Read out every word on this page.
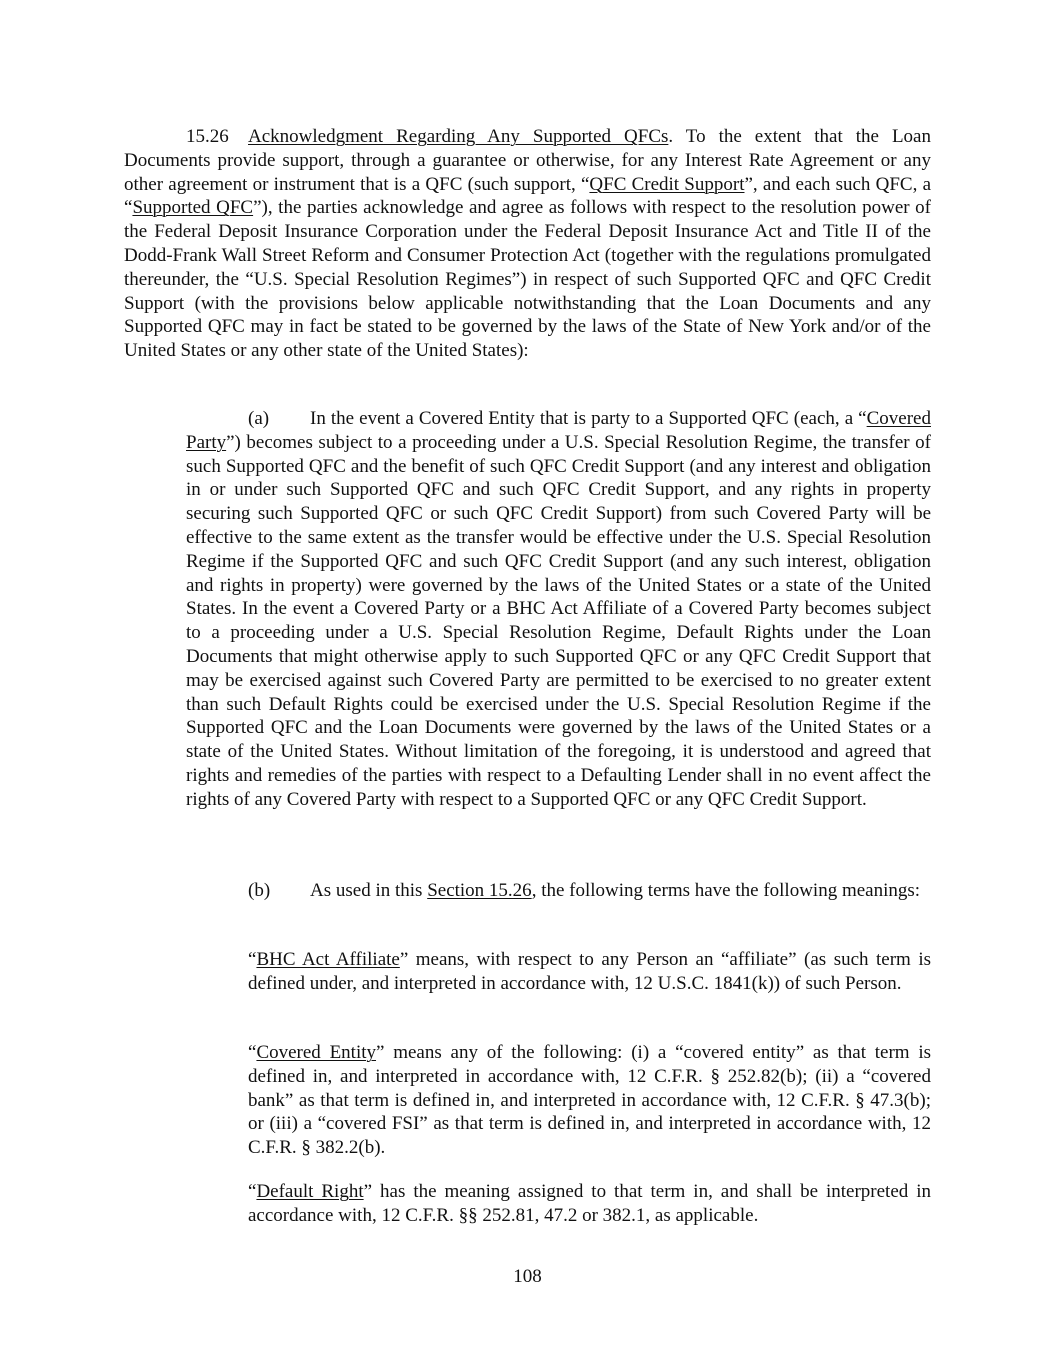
15.26 Acknowledgment Regarding Any Supported QFCs. To the extent that the Loan Documents provide support, through a guarantee or otherwise, for any Interest Rate Agreement or any other agreement or instrument that is a QFC (such support, “QFC Credit Support”, and each such QFC, a “Supported QFC”), the parties acknowledge and agree as follows with respect to the resolution power of the Federal Deposit Insurance Corporation under the Federal Deposit Insurance Act and Title II of the Dodd-Frank Wall Street Reform and Consumer Protection Act (together with the regulations promulgated thereunder, the “U.S. Special Resolution Regimes”) in respect of such Supported QFC and QFC Credit Support (with the provisions below applicable notwithstanding that the Loan Documents and any Supported QFC may in fact be stated to be governed by the laws of the State of New York and/or of the United States or any other state of the United States):

(a) In the event a Covered Entity that is party to a Supported QFC (each, a “Covered Party”) becomes subject to a proceeding under a U.S. Special Resolution Regime, the transfer of such Supported QFC and the benefit of such QFC Credit Support (and any interest and obligation in or under such Supported QFC and such QFC Credit Support, and any rights in property securing such Supported QFC or such QFC Credit Support) from such Covered Party will be effective to the same extent as the transfer would be effective under the U.S. Special Resolution Regime if the Supported QFC and such QFC Credit Support (and any such interest, obligation and rights in property) were governed by the laws of the United States or a state of the United States. In the event a Covered Party or a BHC Act Affiliate of a Covered Party becomes subject to a proceeding under a U.S. Special Resolution Regime, Default Rights under the Loan Documents that might otherwise apply to such Supported QFC or any QFC Credit Support that may be exercised against such Covered Party are permitted to be exercised to no greater extent than such Default Rights could be exercised under the U.S. Special Resolution Regime if the Supported QFC and the Loan Documents were governed by the laws of the United States or a state of the United States. Without limitation of the foregoing, it is understood and agreed that rights and remedies of the parties with respect to a Defaulting Lender shall in no event affect the rights of any Covered Party with respect to a Supported QFC or any QFC Credit Support.

(b) As used in this Section 15.26, the following terms have the following meanings:

“BHC Act Affiliate” means, with respect to any Person an “affiliate” (as such term is defined under, and interpreted in accordance with, 12 U.S.C. 1841(k)) of such Person.

“Covered Entity” means any of the following: (i) a “covered entity” as that term is defined in, and interpreted in accordance with, 12 C.F.R. § 252.82(b); (ii) a “covered bank” as that term is defined in, and interpreted in accordance with, 12 C.F.R. § 47.3(b); or (iii) a “covered FSI” as that term is defined in, and interpreted in accordance with, 12 C.F.R. § 382.2(b).

“Default Right” has the meaning assigned to that term in, and shall be interpreted in accordance with, 12 C.F.R. §§ 252.81, 47.2 or 382.1, as applicable.

108
